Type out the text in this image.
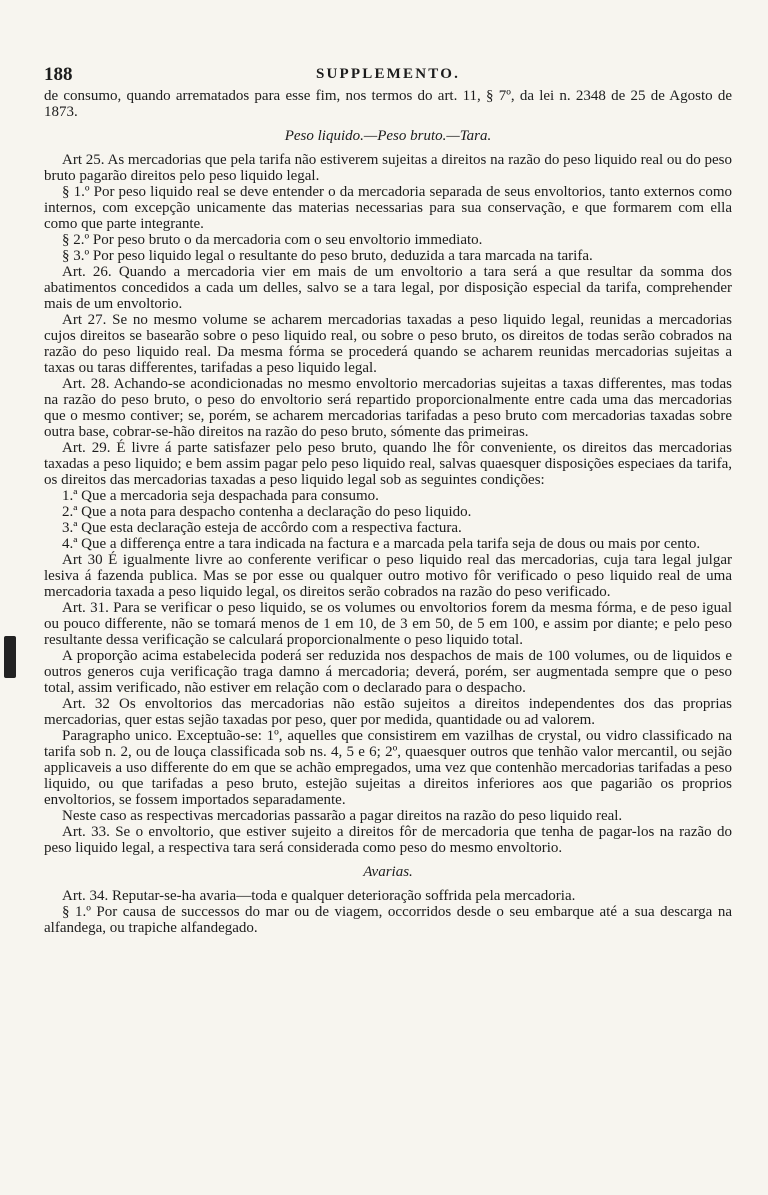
188	SUPPLEMENTO.

de consumo, quando arrematados para esse fim, nos termos do art. 11, § 7º, da lei n. 2348 de 25 de Agosto de 1873.

Peso liquido.—Peso bruto.—Tara.

Art 25. As mercadorias que pela tarifa não estiverem sujeitas a direitos na razão do peso liquido real ou do peso bruto pagarão direitos pelo peso liquido legal.

§ 1.º Por peso liquido real se deve entender o da mercadoria separada de seus envoltorios, tanto externos como internos, com excepção unicamente das materias necessarias para sua conservação, e que formarem com ella como que parte integrante.

§ 2.º Por peso bruto o da mercadoria com o seu envoltorio immediato.

§ 3.º Por peso liquido legal o resultante do peso bruto, deduzida a tara marcada na tarifa.

Art. 26. Quando a mercadoria vier em mais de um envoltorio a tara será a que resultar da somma dos abatimentos concedidos a cada um delles, salvo se a tara legal, por disposição especial da tarifa, comprehender mais de um envoltorio.

Art 27. Se no mesmo volume se acharem mercadorias taxadas a peso liquido legal, reunidas a mercadorias cujos direitos se basearão sobre o peso liquido real, ou sobre o peso bruto, os direitos de todas serão cobrados na razão do peso liquido real. Da mesma fórma se procederá quando se acharem reunidas mercadorias sujeitas a taxas ou taras differentes, tarifadas a peso liquido legal.

Art. 28. Achando-se acondicionadas no mesmo envoltorio mercadorias sujeitas a taxas differentes, mas todas na razão do peso bruto, o peso do envoltorio será repartido proporcionalmente entre cada uma das mercadorias que o mesmo contiver; se, porém, se acharem mercadorias tarifadas a peso bruto com mercadorias taxadas sobre outra base, cobrar-se-hão direitos na razão do peso bruto, sómente das primeiras.

Art. 29. É livre á parte satisfazer pelo peso bruto, quando lhe fôr conveniente, os direitos das mercadorias taxadas a peso liquido; e bem assim pagar pelo peso liquido real, salvas quaesquer disposições especiaes da tarifa, os direitos das mercadorias taxadas a peso liquido legal sob as seguintes condições:

1.ª Que a mercadoria seja despachada para consumo.

2.ª Que a nota para despacho contenha a declaração do peso liquido.

3.ª Que esta declaração esteja de accôrdo com a respectiva factura.

4.ª Que a differença entre a tara indicada na factura e a marcada pela tarifa seja de dous ou mais por cento.

Art 30 É igualmente livre ao conferente verificar o peso liquido real das mercadorias, cuja tara legal julgar lesiva á fazenda publica. Mas se por esse ou qualquer outro motivo fôr verificado o peso liquido real de uma mercadoria taxada a peso liquido legal, os direitos serão cobrados na razão do peso verificado.

Art. 31. Para se verificar o peso liquido, se os volumes ou envoltorios forem da mesma fórma, e de peso igual ou pouco differente, não se tomará menos de 1 em 10, de 3 em 50, de 5 em 100, e assim por diante; e pelo peso resultante dessa verificação se calculará proporcionalmente o peso liquido total.

A proporção acima estabelecida poderá ser reduzida nos despachos de mais de 100 volumes, ou de liquidos e outros generos cuja verificação traga damno á mercadoria; deverá, porém, ser augmentada sempre que o peso total, assim verificado, não estiver em relação com o declarado para o despacho.

Art. 32 Os envoltorios das mercadorias não estão sujeitos a direitos independentes dos das proprias mercadorias, quer estas sejão taxadas por peso, quer por medida, quantidade ou ad valorem.

Paragrapho unico. Exceptuão-se: 1º, aquelles que consistirem em vazilhas de crystal, ou vidro classificado na tarifa sob n. 2, ou de louça classificada sob ns. 4, 5 e 6; 2º, quaesquer outros que tenhão valor mercantil, ou sejão applicaveis a uso differente do em que se achão empregados, uma vez que contenhão mercadorias tarifadas a peso liquido, ou que tarifadas a peso bruto, estejão sujeitas a direitos inferiores aos que pagarião os proprios envoltorios, se fossem importados separadamente.

Neste caso as respectivas mercadorias passarão a pagar direitos na razão do peso liquido real.

Art. 33. Se o envoltorio, que estiver sujeito a direitos fôr de mercadoria que tenha de pagar-los na razão do peso liquido legal, a respectiva tara será considerada como peso do mesmo envoltorio.

Avarias.

Art. 34. Reputar-se-ha avaria—toda e qualquer deterioração soffrida pela mercadoria.

§ 1.º Por causa de successos do mar ou de viagem, occorridos desde o seu embarque até a sua descarga na alfandega, ou trapiche alfandegado.
